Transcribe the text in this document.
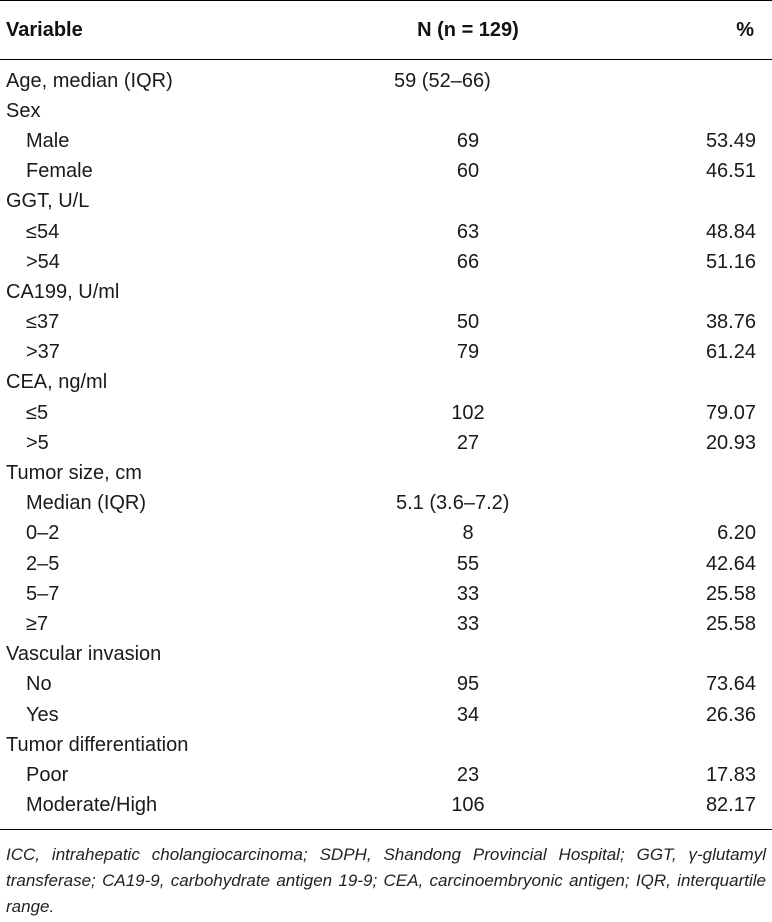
Variable	N (n = 129)	%
Age, median (IQR)	59 (52–66)
Sex
Male	69	53.49
Female	60	46.51
GGT, U/L
≤54	63	48.84
>54	66	51.16
CA199, U/ml
≤37	50	38.76
>37	79	61.24
CEA, ng/ml
≤5	102	79.07
>5	27	20.93
Tumor size, cm
Median (IQR)	5.1 (3.6–7.2)
0–2	8	6.20
2–5	55	42.64
5–7	33	25.58
≥7	33	25.58
Vascular invasion
No	95	73.64
Yes	34	26.36
Tumor differentiation
Poor	23	17.83
Moderate/High	106	82.17
ICC, intrahepatic cholangiocarcinoma; SDPH, Shandong Provincial Hospital; GGT, γ-glutamyl transferase; CA19-9, carbohydrate antigen 19-9; CEA, carcinoembryonic antigen; IQR, interquartile range.
